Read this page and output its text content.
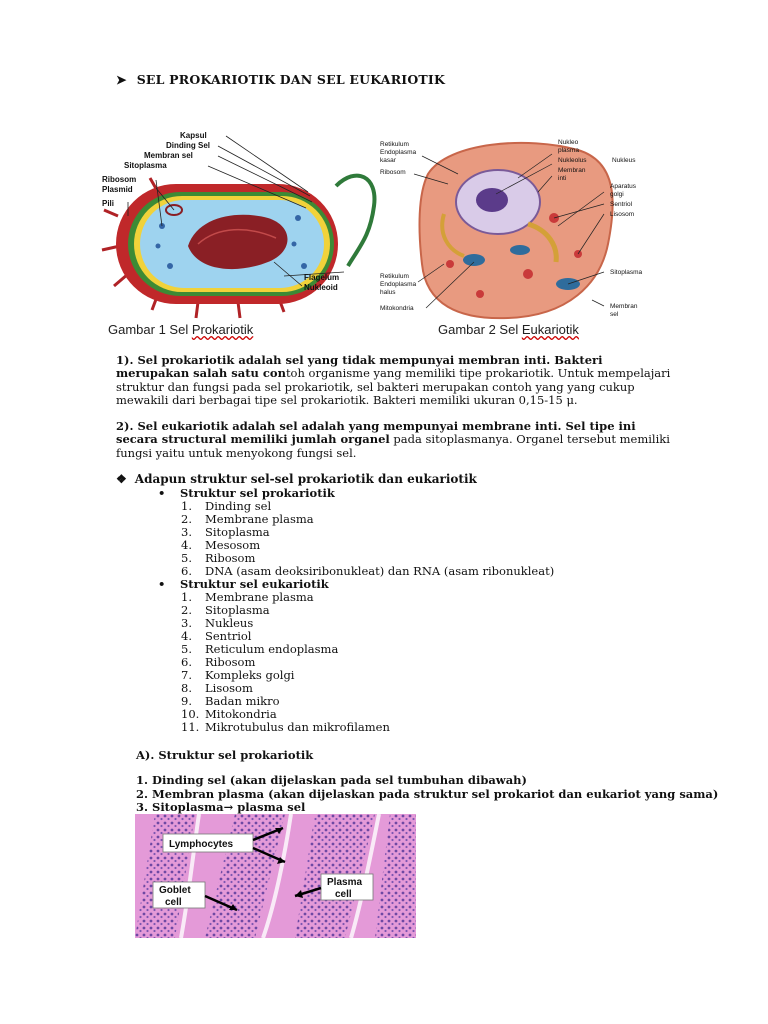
➤ SEL PROKARIOTIK DAN SEL EUKARIOTIK
Kapsul
Dinding Sel
Membran sel
Sitoplasma
Ribosom
Plasmid
Pili
Flagelum
Nukleoid
Gambar 1 Sel Prokariotik
Retikulum
Endoplasma
kasar
Ribosom
Nukleo
plasma
Nukleolus
Membran
inti
Nukleus
Aparatus
golgi
Sentriol
Lisosom
Sitoplasma
Retikulum
Endoplasma
halus
Mitokondria	Membran
sel
Gambar 2 Sel Eukariotik
1). Sel prokariotik adalah sel yang tidak mempunyai membran inti. Bakteri merupakan salah satu contoh organisme yang memiliki tipe prokariotik. Untuk mempelajari struktur dan fungsi pada sel prokariotik, sel bakteri merupakan contoh yang yang cukup mewakili dari berbagai tipe sel prokariotik. Bakteri memiliki ukuran 0,15-15 μ.
2). Sel eukariotik adalah sel adalah yang mempunyai membrane inti. Sel tipe ini secara structural memiliki jumlah organel pada sitoplasmanya. Organel tersebut memiliki fungsi yaitu untuk menyokong fungsi sel.
❖ Adapun struktur sel-sel prokariotik dan eukariotik
• Struktur sel prokariotik
1. Dinding sel
2. Membrane plasma
3. Sitoplasma
4. Mesosom
5. Ribosom
6. DNA (asam deoksiribonukleat) dan RNA (asam ribonukleat)
• Struktur sel eukariotik
1. Membrane plasma
2. Sitoplasma
3. Nukleus
4. Sentriol
5. Reticulum endoplasma
6. Ribosom
7. Kompleks golgi
8. Lisosom
9. Badan mikro
10. Mitokondria
11. Mikrotubulus dan mikrofilamen
A). Struktur sel prokariotik
1. Dinding sel (akan dijelaskan pada sel tumbuhan dibawah)
2. Membran plasma (akan dijelaskan pada struktur sel prokariot dan eukariot yang sama)
3. Sitoplasma→ plasma sel
Lymphocytes
Goblet
cell
Plasma
cell
